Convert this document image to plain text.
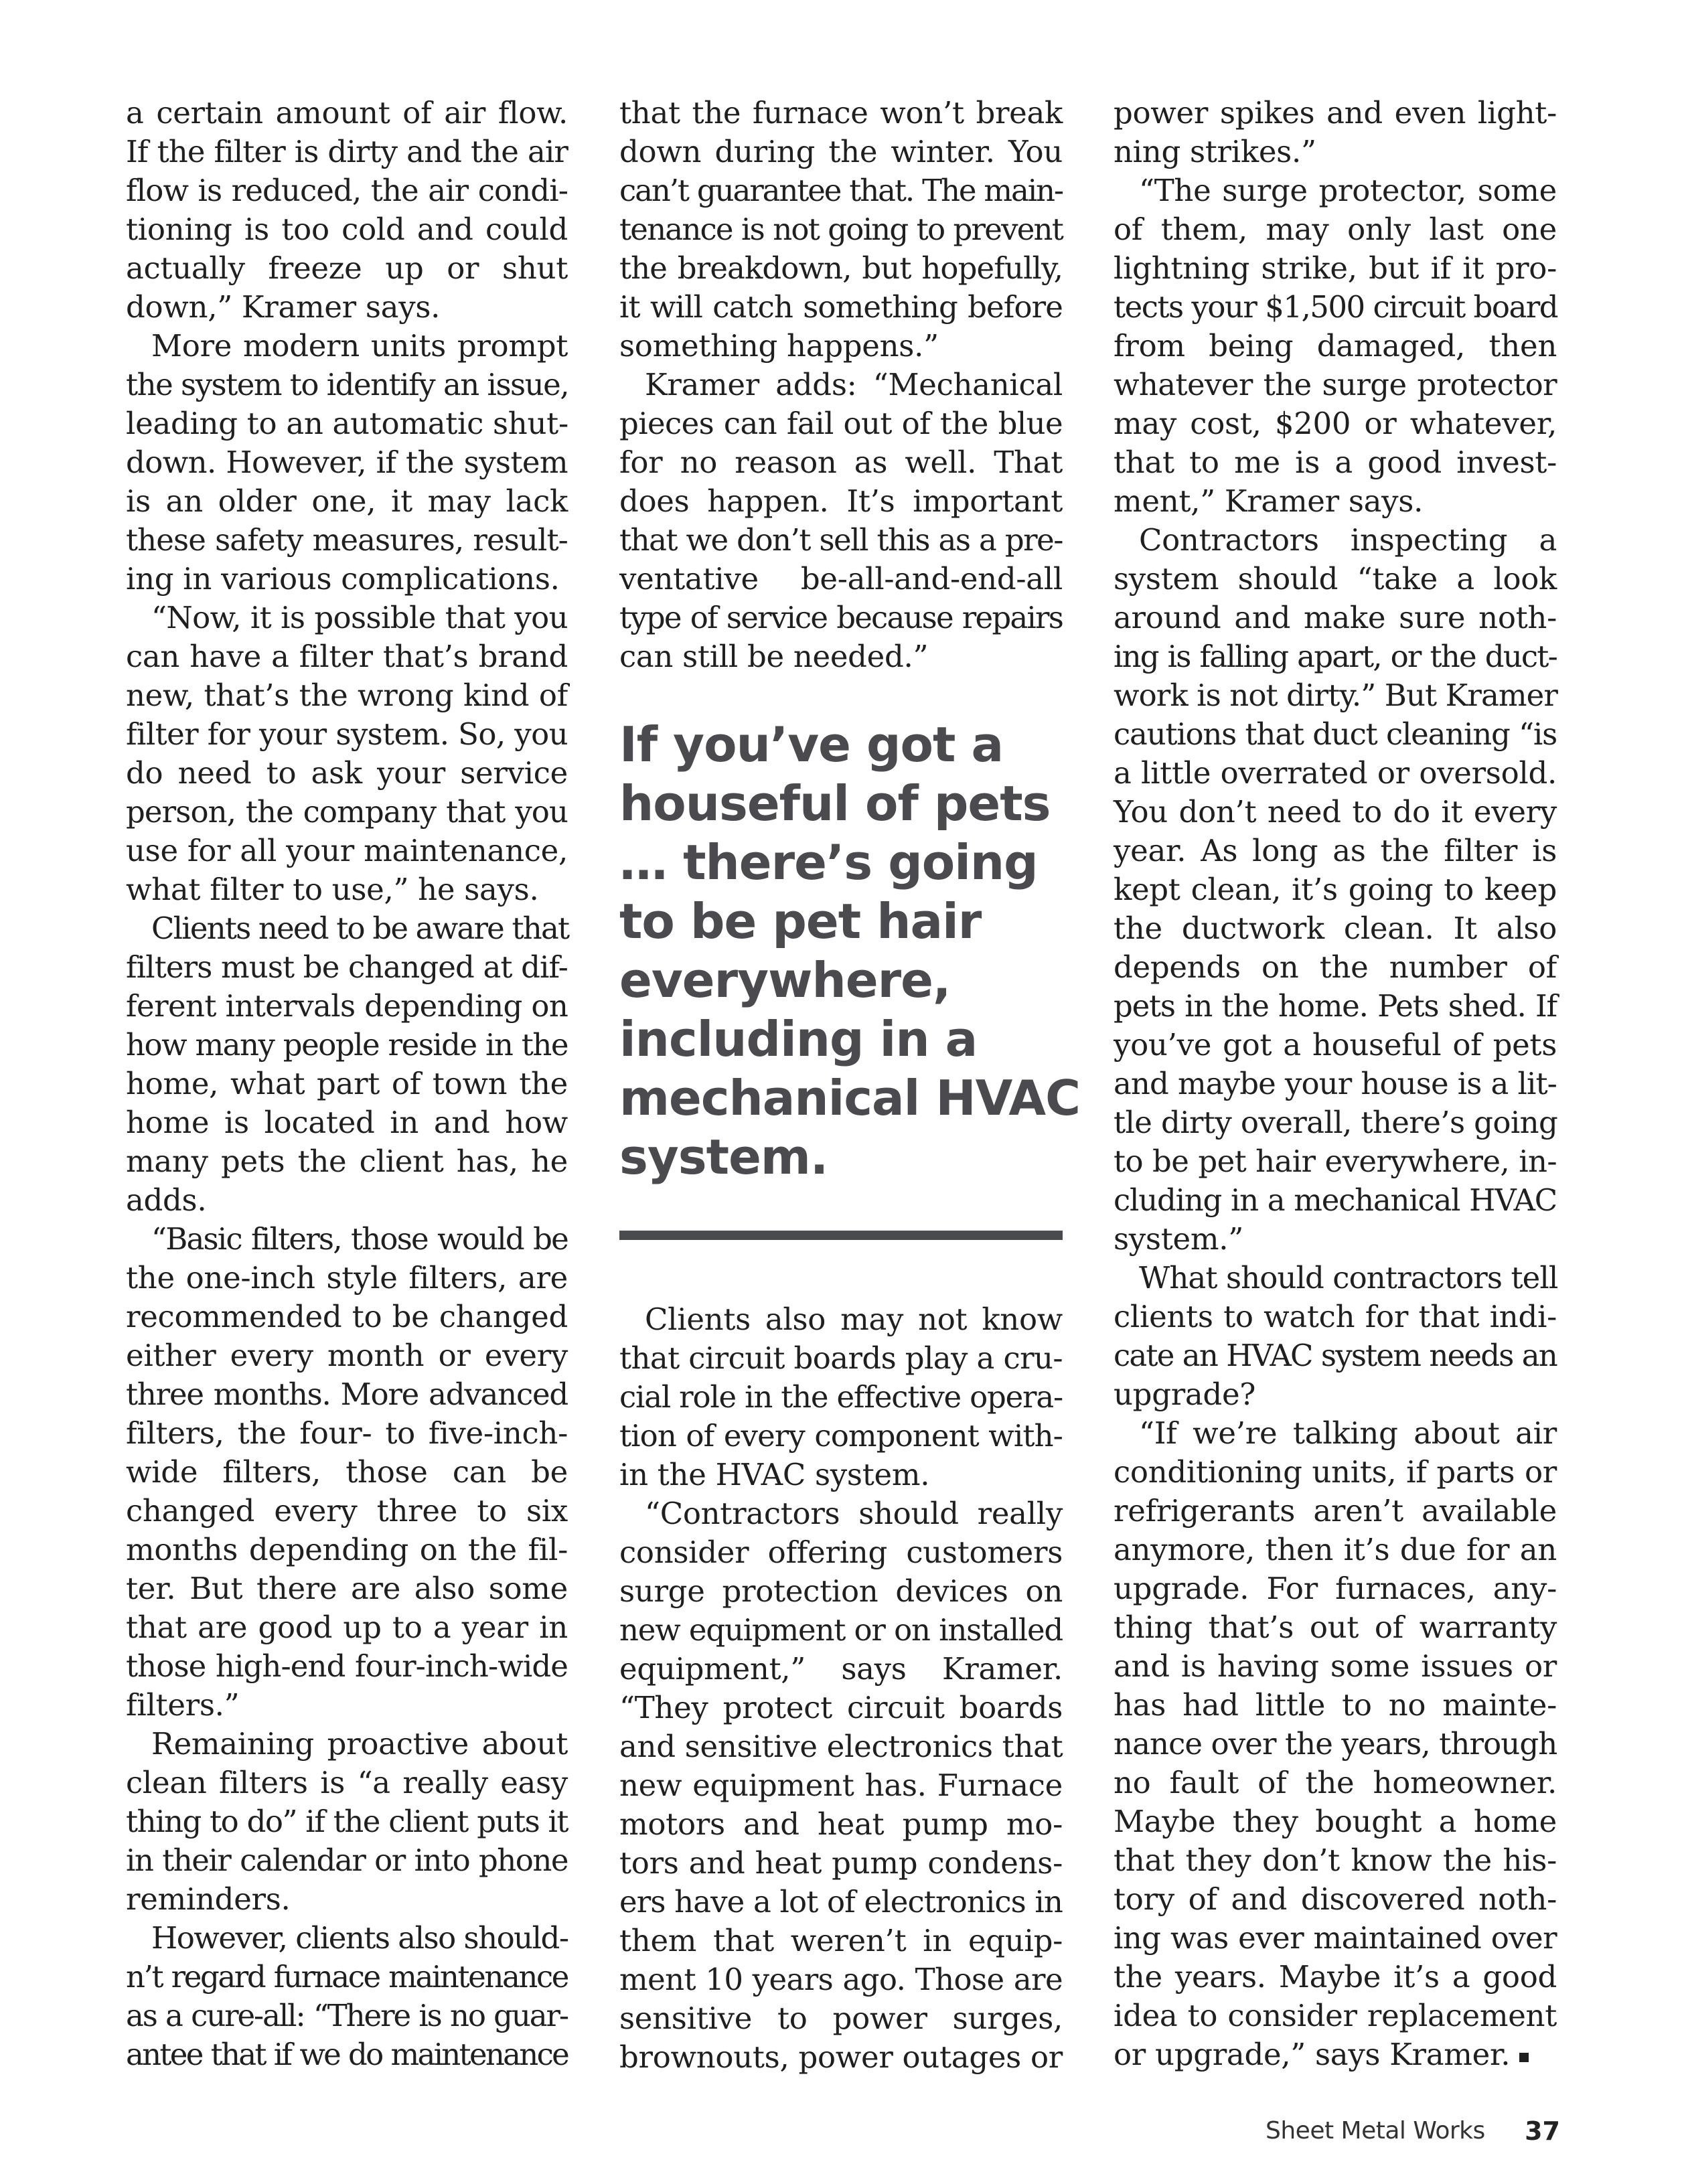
a certain amount of air flow.
If the filter is dirty and the air
flow is reduced, the air condi-
tioning is too cold and could
actually freeze up or shut
down,” Kramer says.
More modern units prompt
the system to identify an issue,
leading to an automatic shut-
down. However, if the system
is an older one, it may lack
these safety measures, result-
ing in various complications.
“Now, it is possible that you
can have a filter that’s brand
new, that’s the wrong kind of
filter for your system. So, you
do need to ask your service
person, the company that you
use for all your maintenance,
what filter to use,” he says.
Clients need to be aware that
filters must be changed at dif-
ferent intervals depending on
how many people reside in the
home, what part of town the
home is located in and how
many pets the client has, he
adds.
“Basic filters, those would be
the one-inch style filters, are
recommended to be changed
either every month or every
three months. More advanced
filters, the four- to five-inch-
wide filters, those can be
changed every three to six
months depending on the fil-
ter. But there are also some
that are good up to a year in
those high-end four-inch-wide
filters.”
Remaining proactive about
clean filters is “a really easy
thing to do” if the client puts it
in their calendar or into phone
reminders.
However, clients also should-
n’t regard furnace maintenance
as a cure-all: “There is no guar-
antee that if we do maintenance
that the furnace won’t break
down during the winter. You
can’t guarantee that. The main-
tenance is not going to prevent
the breakdown, but hopefully,
it will catch something before
something happens.”
Kramer adds: “Mechanical
pieces can fail out of the blue
for no reason as well. That
does happen. It’s important
that we don’t sell this as a pre-
ventative be-all-and-end-all
type of service because repairs
can still be needed.”
If you’ve got a
houseful of pets
… there’s going
to be pet hair
everywhere,
including in a
mechanical HVAC
system.
Clients also may not know
that circuit boards play a cru-
cial role in the effective opera-
tion of every component with-
in the HVAC system.
“Contractors should really
consider offering customers
surge protection devices on
new equipment or on installed
equipment,” says Kramer.
“They protect circuit boards
and sensitive electronics that
new equipment has. Furnace
motors and heat pump mo-
tors and heat pump condens-
ers have a lot of electronics in
them that weren’t in equip-
ment 10 years ago. Those are
sensitive to power surges,
brownouts, power outages or
power spikes and even light-
ning strikes.”
“The surge protector, some
of them, may only last one
lightning strike, but if it pro-
tects your $1,500 circuit board
from being damaged, then
whatever the surge protector
may cost, $200 or whatever,
that to me is a good invest-
ment,” Kramer says.
Contractors inspecting a
system should “take a look
around and make sure noth-
ing is falling apart, or the duct-
work is not dirty.” But Kramer
cautions that duct cleaning “is
a little overrated or oversold.
You don’t need to do it every
year. As long as the filter is
kept clean, it’s going to keep
the ductwork clean. It also
depends on the number of
pets in the home. Pets shed. If
you’ve got a houseful of pets
and maybe your house is a lit-
tle dirty overall, there’s going
to be pet hair everywhere, in-
cluding in a mechanical HVAC
system.”
What should contractors tell
clients to watch for that indi-
cate an HVAC system needs an
upgrade?
“If we’re talking about air
conditioning units, if parts or
refrigerants aren’t available
anymore, then it’s due for an
upgrade. For furnaces, any-
thing that’s out of warranty
and is having some issues or
has had little to no mainte-
nance over the years, through
no fault of the homeowner.
Maybe they bought a home
that they don’t know the his-
tory of and discovered noth-
ing was ever maintained over
the years. Maybe it’s a good
idea to consider replacement
or upgrade,” says Kramer.
Sheet Metal Works 37
